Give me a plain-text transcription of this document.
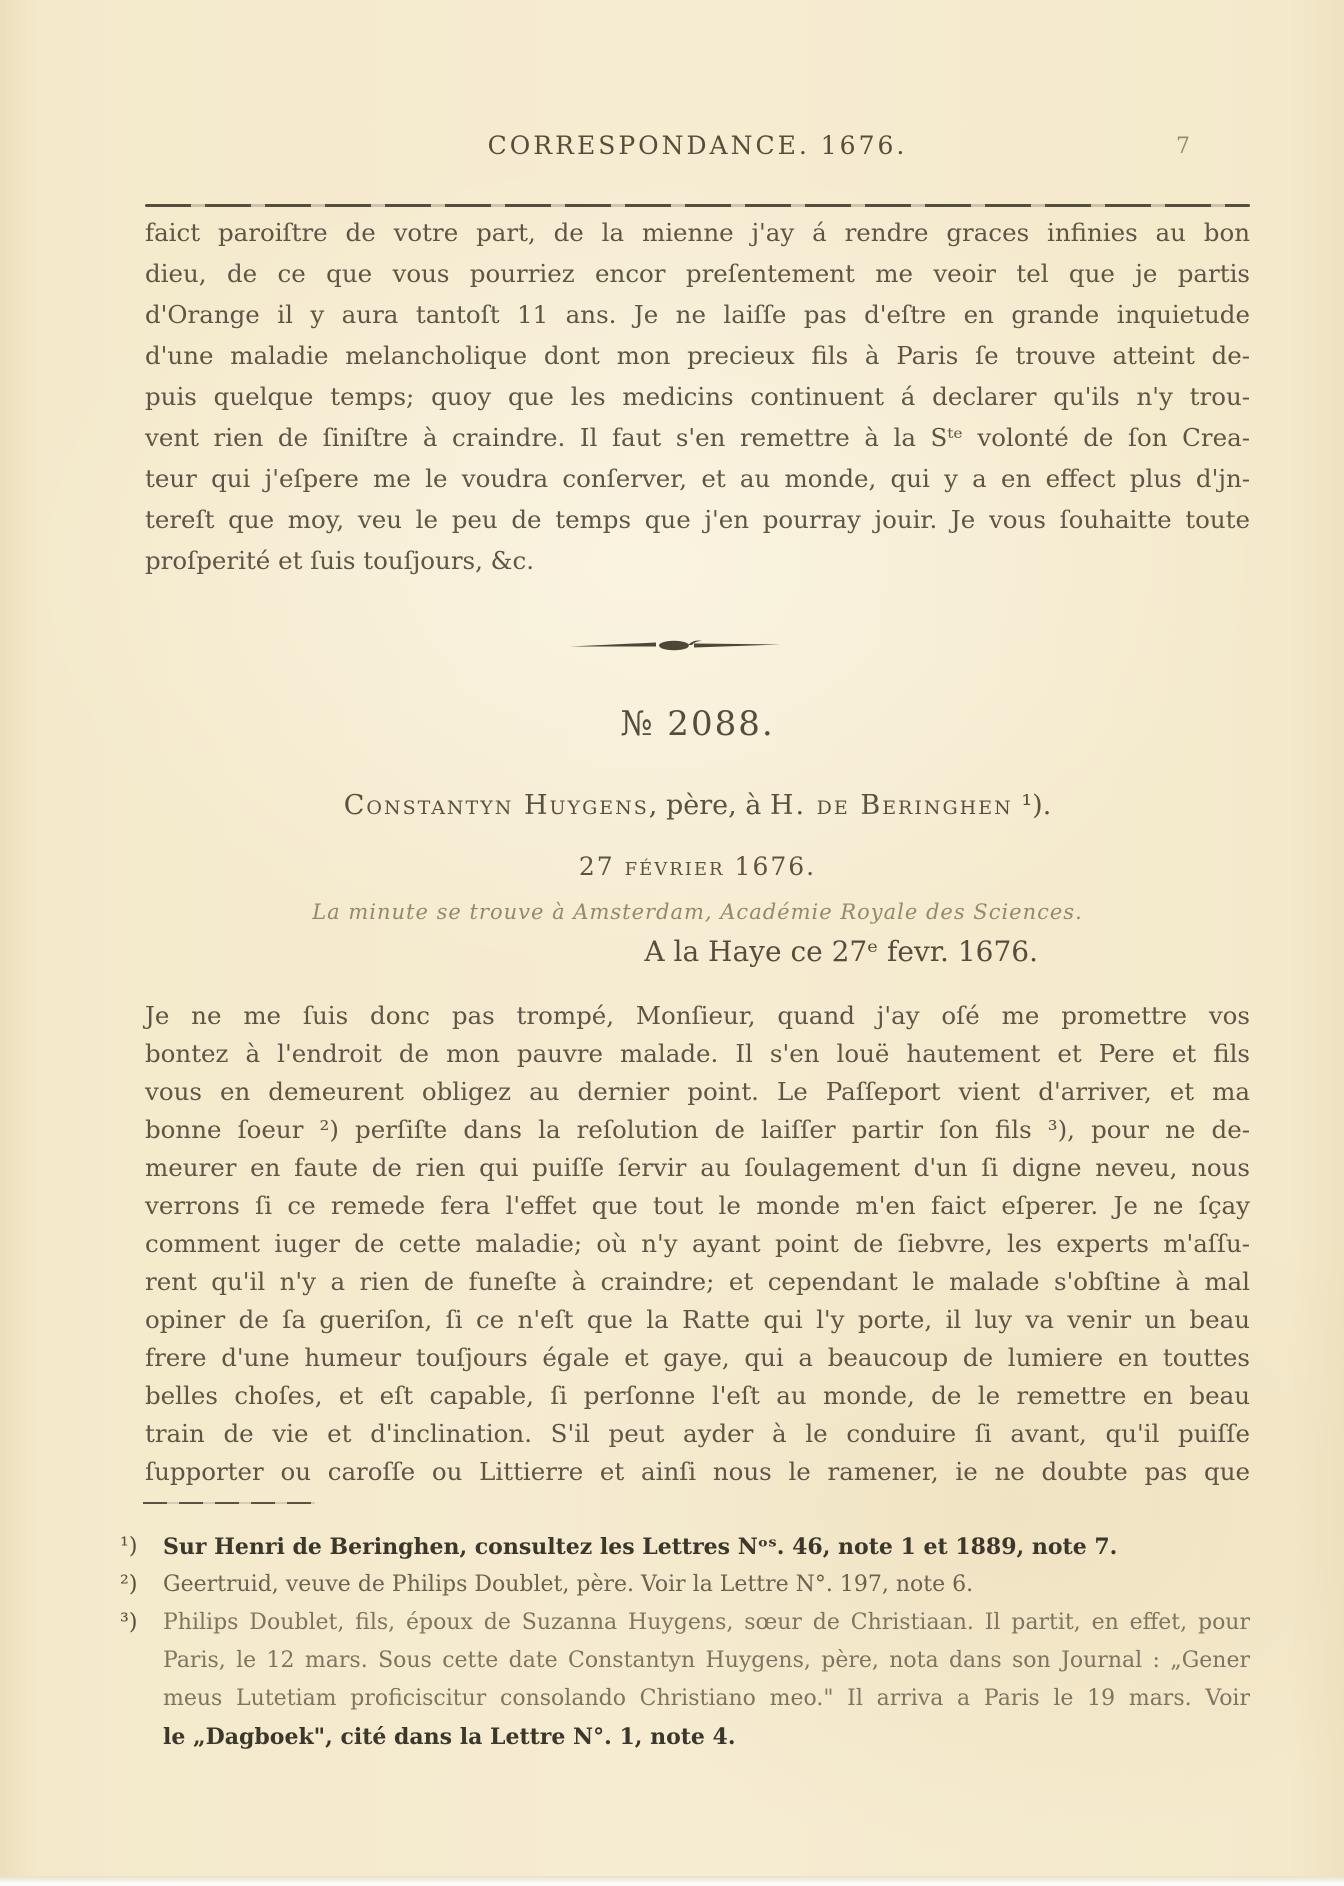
CORRESPONDANCE. 1676.	7
faict paroiſtre de votre part, de la mienne j'ay á rendre graces infinies au bon
dieu, de ce que vous pourriez encor preſentement me veoir tel que je partis
d'Orange il y aura tantoſt 11 ans. Je ne laiſſe pas d'eſtre en grande inquietude
d'une maladie melancholique dont mon precieux fils à Paris ſe trouve atteint de-
puis quelque temps; quoy que les medicins continuent á declarer qu'ils n'y trou-
vent rien de ſiniſtre à craindre. Il faut s'en remettre à la Sᵗᵉ volonté de ſon Crea-
teur qui j'eſpere me le voudra conſerver, et au monde, qui y a en effect plus d'jn-
tereſt que moy, veu le peu de temps que j'en pourray jouir. Je vous ſouhaitte toute
proſperité et ſuis touſjours, &c.
№ 2088.
Constantyn Huygens, père, à H. de Beringhen ¹).
27 février 1676.
La minute se trouve à Amsterdam, Académie Royale des Sciences.
A la Haye ce 27ᵉ fevr. 1676.
Je ne me ſuis donc pas trompé, Monſieur, quand j'ay oſé me promettre vos
bontez à l'endroit de mon pauvre malade. Il s'en louë hautement et Pere et fils
vous en demeurent obligez au dernier point. Le Paſſeport vient d'arriver, et ma
bonne ſoeur ²) perſiſte dans la reſolution de laiſſer partir ſon fils ³), pour ne de-
meurer en faute de rien qui puiſſe ſervir au ſoulagement d'un ſi digne neveu, nous
verrons ſi ce remede fera l'effet que tout le monde m'en faict eſperer. Je ne ſçay
comment iuger de cette maladie; où n'y ayant point de ſiebvre, les experts m'aſſu-
rent qu'il n'y a rien de funeſte à craindre; et cependant le malade s'obſtine à mal
opiner de ſa gueriſon, ſi ce n'eſt que la Ratte qui l'y porte, il luy va venir un beau
frere d'une humeur touſjours égale et gaye, qui a beaucoup de lumiere en touttes
belles choſes, et eſt capable, ſi perſonne l'eſt au monde, de le remettre en beau
train de vie et d'inclination. S'il peut ayder à le conduire ſi avant, qu'il puiſſe
ſupporter ou caroſſe ou Littierre et ainſi nous le ramener, ie ne doubte pas que
¹)	Sur Henri de Beringhen, consultez les Lettres Nᵒˢ. 46, note 1 et 1889, note 7.
²)	Geertruid, veuve de Philips Doublet, père. Voir la Lettre N°. 197, note 6.
³)	Philips Doublet, fils, époux de Suzanna Huygens, sœur de Christiaan. Il partit, en effet, pour
Paris, le 12 mars. Sous cette date Constantyn Huygens, père, nota dans son Journal : „Gener
meus Lutetiam proficiscitur consolando Christiano meo." Il arriva a Paris le 19 mars. Voir
le „Dagboek", cité dans la Lettre N°. 1, note 4.
